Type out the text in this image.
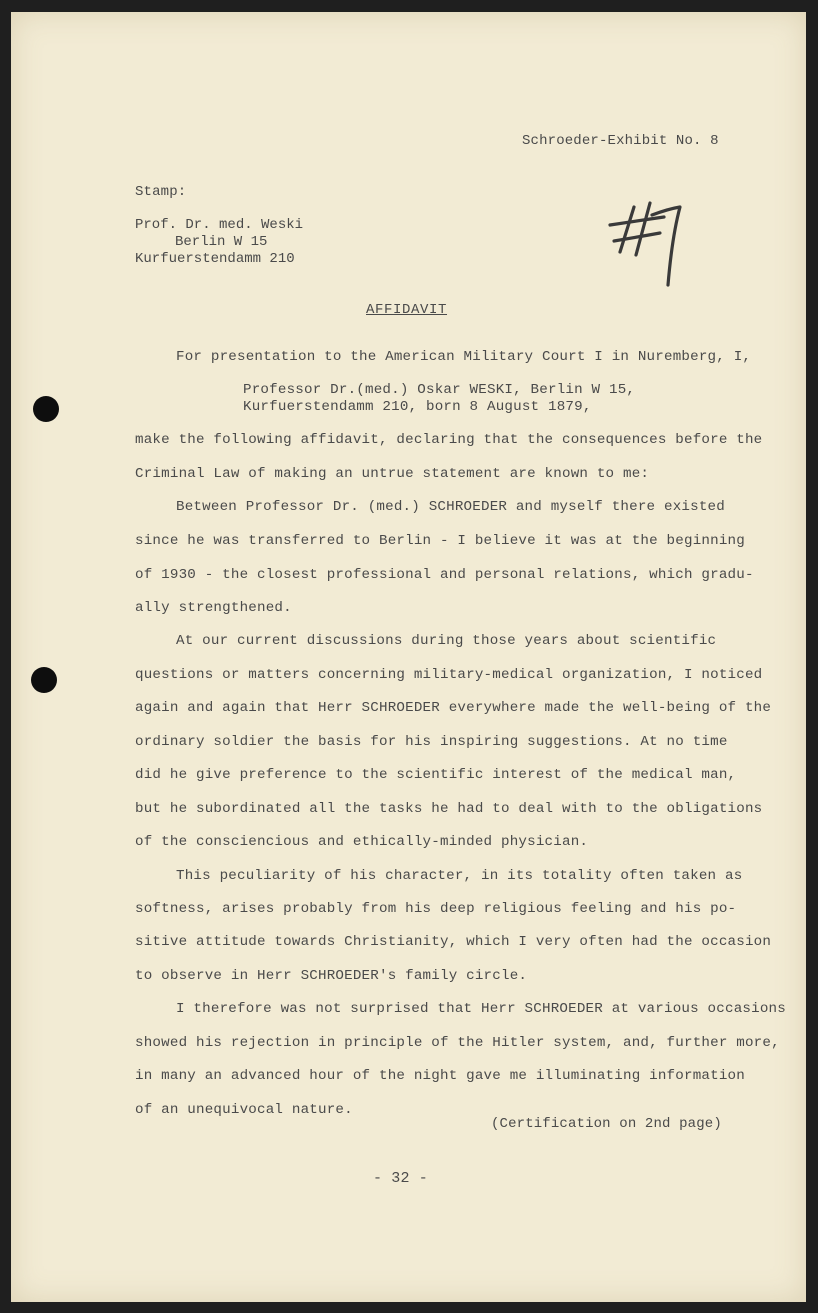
Schroeder-Exhibit No. 8
Stamp:
Prof. Dr. med. Weski
Berlin W 15
Kurfuerstendamm 210
AFFIDAVIT
For presentation to the American Military Court I in Nuremberg, I,
Professor Dr.(med.) Oskar WESKI, Berlin W 15,
Kurfuerstendamm 210, born 8 August 1879,
make the following affidavit, declaring that the consequences before the
Criminal Law of making an untrue statement are known to me:
Between Professor Dr. (med.) SCHROEDER and myself there existed
since he was transferred to Berlin - I believe it was at the beginning
of 1930 - the closest professional and personal relations, which gradu-
ally strengthened.
At our current discussions during those years about scientific
questions or matters concerning military-medical organization, I noticed
again and again that Herr SCHROEDER everywhere made the well-being of the
ordinary soldier the basis for his inspiring suggestions. At no time
did he give preference to the scientific interest of the medical man,
but he subordinated all the tasks he had to deal with to the obligations
of the consciencious and ethically-minded physician.
This peculiarity of his character, in its totality often taken as
softness, arises probably from his deep religious feeling and his po-
sitive attitude towards Christianity, which I very often had the occasion
to observe in Herr SCHROEDER's family circle.
I therefore was not surprised that Herr SCHROEDER at various occasions
showed his rejection in principle of the Hitler system, and, further more,
in many an advanced hour of the night gave me illuminating information
of an unequivocal nature.
(Certification on 2nd page)
- 32 -
